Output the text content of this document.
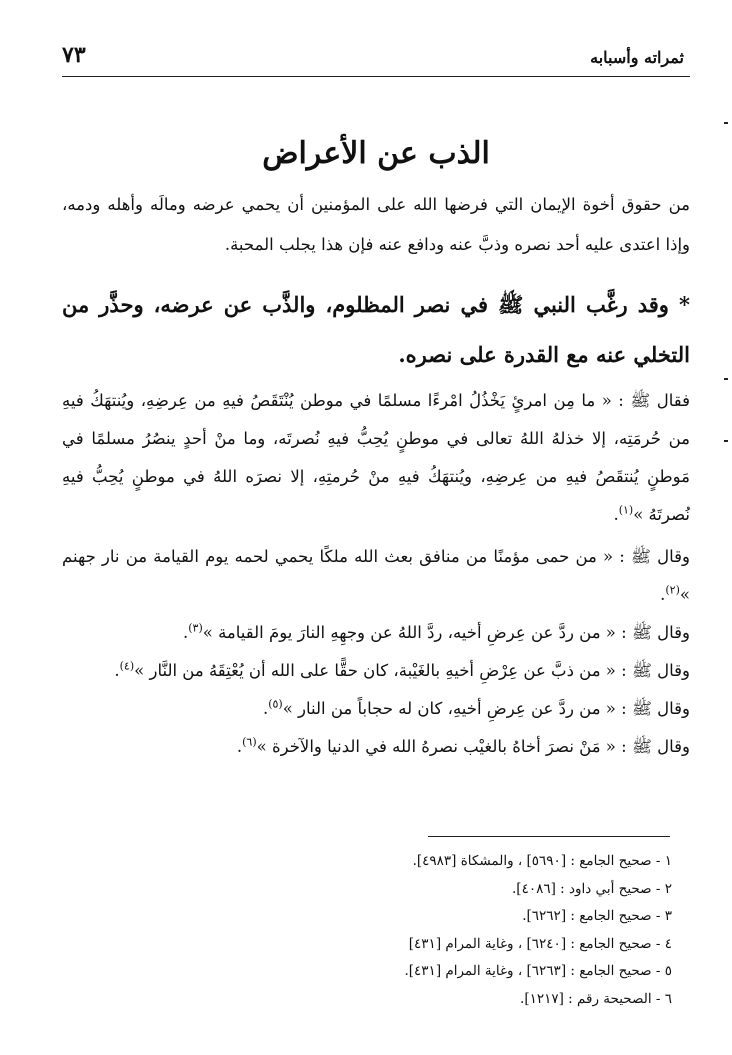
ثمراته وأسبابه
٧٣
الذب عن الأعراض
من حقوق أخوة الإيمان التي فرضها الله على المؤمنين أن يحمي عرضه ومالَه وأهله ودمه، وإذا اعتدى عليه أحد نصره وذبَّ عنه ودافع عنه فإن هذا يجلب المحبة.
* وقد رغَّب النبي ﷺ في نصر المظلوم، والذَّب عن عرضه، وحذَّر من التخلي عنه مع القدرة على نصره.

فقال ﷺ : « ما مِن امرئٍ يَخْذُلُ امْرءًا مسلمًا في موطن يُنْتَقَصُ فيهِ من عِرضِهِ، ويُنتهَكُ فيهِ من حُرمَتِه، إلا خذلهُ اللهُ تعالى في موطنٍ يُحِبُّ فيهِ نُصرتَه، وما منْ أحدٍ ينصُرُ مسلمًا في مَوطنٍ يُنتقَصُ فيهِ من عِرضِهِ، ويُنتهَكُ فيهِ منْ حُرمتِهِ، إلا نصرَه اللهُ في موطنٍ يُحِبُّ فيهِ نُصرتَهُ »$^{(١)}$.

وقال ﷺ : « من حمى مؤمنًا من منافق بعث الله ملكًا يحمي لحمه يوم القيامة من نار جهنم »$^{(٢)}$.

وقال ﷺ : « من ردَّ عن عِرضِ أخيه، ردَّ اللهُ عن وجهِهِ النارَ يومَ القيامة »$^{(٣)}$.

وقال ﷺ : « من ذبَّ عن عِرْضِ أخيهِ بالغَيْبة، كان حقًّا على الله أن يُعْتِقَهُ من النَّار »$^{(٤)}$.

وقال ﷺ : « من ردَّ عن عِرضِ أخيهِ، كان له حجاباً من النار »$^{(٥)}$.

وقال ﷺ : « مَنْ نصرَ أخاهُ بالغيْب نصرهُ الله في الدنيا والآخرة »$^{(٦)}$.

١ - صحيح الجامع : [٥٦٩٠] ، والمشكاة [٤٩٨٣].
٢ - صحيح أبي داود : [٤٠٨٦].
٣ - صحيح الجامع : [٦٢٦٢].
٤ - صحيح الجامع : [٦٢٤٠] ، وغاية المرام [٤٣١]
٥ - صحيح الجامع : [٦٢٦٣] ، وغاية المرام [٤٣١].
٦ - الصحيحة رقم : [١٢١٧].
